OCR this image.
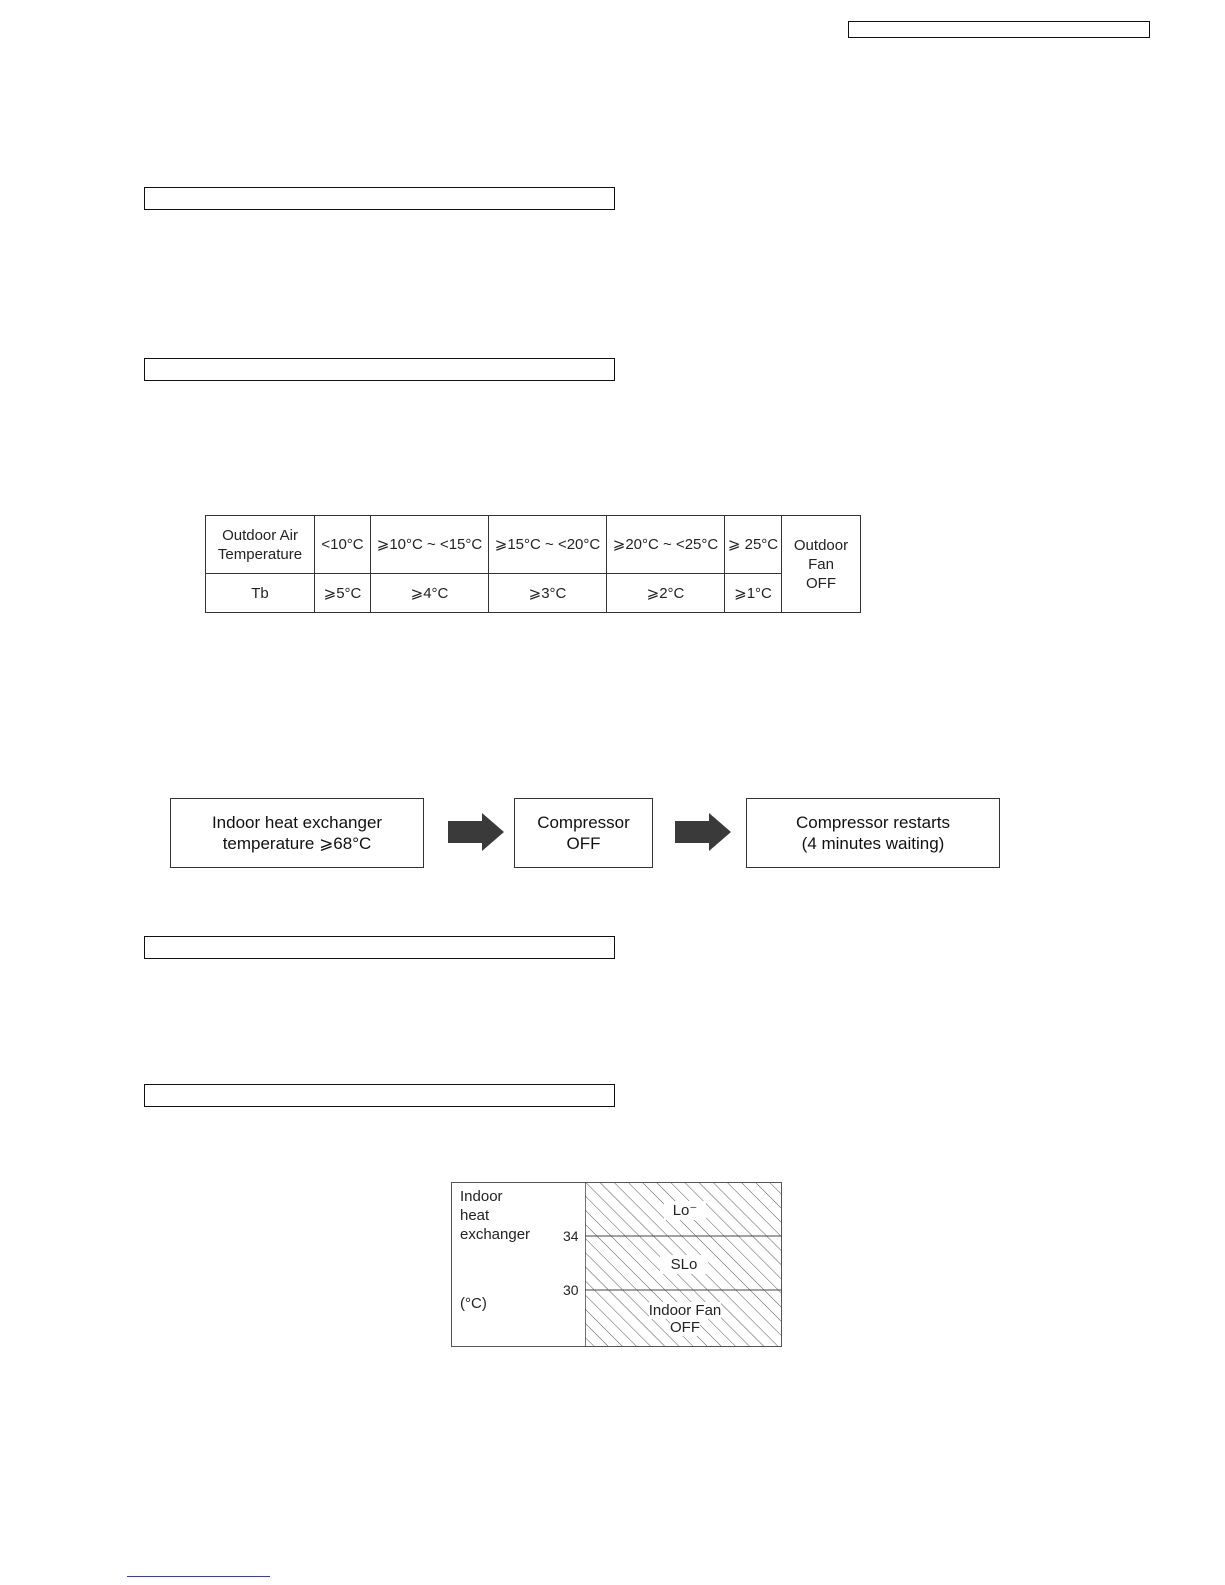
Outdoor Air Temperature	<10°C	⩾10°C ~ <15°C	⩾15°C ~ <20°C	⩾20°C ~ <25°C	⩾ 25°C	Outdoor
Fan
OFF
Tb	⩾5°C	⩾4°C	⩾3°C	⩾2°C	⩾1°C	
Indoor heat exchanger
temperature ⩾68°C
Compressor
OFF
Compressor restarts
(4 minutes waiting)
Indoor
heat
exchanger
(°C)
34
30
Lo⁻
SLo
Indoor Fan
OFF
